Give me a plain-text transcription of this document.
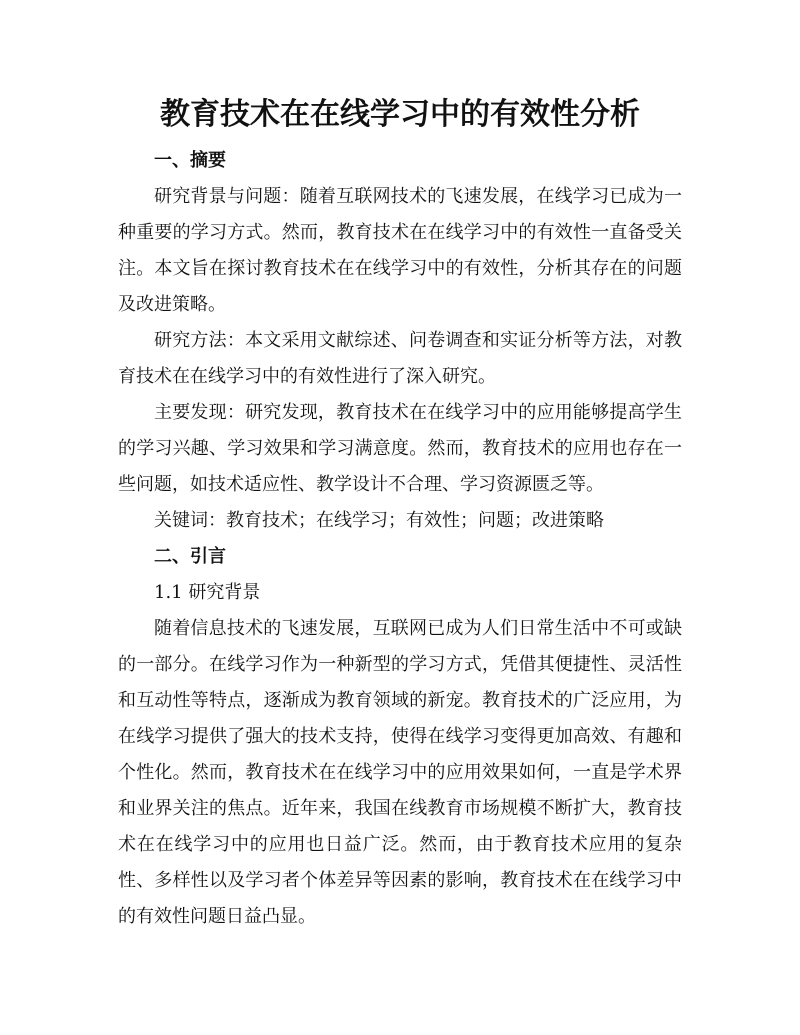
教育技术在在线学习中的有效性分析
一、摘要

研究背景与问题：随着互联网技术的飞速发展，在线学习已成为一种重要的学习方式。然而，教育技术在在线学习中的有效性一直备受关注。本文旨在探讨教育技术在在线学习中的有效性，分析其存在的问题及改进策略。

研究方法：本文采用文献综述、问卷调查和实证分析等方法，对教育技术在在线学习中的有效性进行了深入研究。

主要发现：研究发现，教育技术在在线学习中的应用能够提高学生的学习兴趣、学习效果和学习满意度。然而，教育技术的应用也存在一些问题，如技术适应性、教学设计不合理、学习资源匮乏等。

关键词：教育技术；在线学习；有效性；问题；改进策略

二、引言
1.1 研究背景

随着信息技术的飞速发展，互联网已成为人们日常生活中不可或缺的一部分。在线学习作为一种新型的学习方式，凭借其便捷性、灵活性和互动性等特点，逐渐成为教育领域的新宠。教育技术的广泛应用，为在线学习提供了强大的技术支持，使得在线学习变得更加高效、有趣和个性化。然而，教育技术在在线学习中的应用效果如何，一直是学术界和业界关注的焦点。近年来，我国在线教育市场规模不断扩大，教育技术在在线学习中的应用也日益广泛。然而，由于教育技术应用的复杂性、多样性以及学习者个体差异等因素的影响，教育技术在在线学习中的有效性问题日益凸显。
